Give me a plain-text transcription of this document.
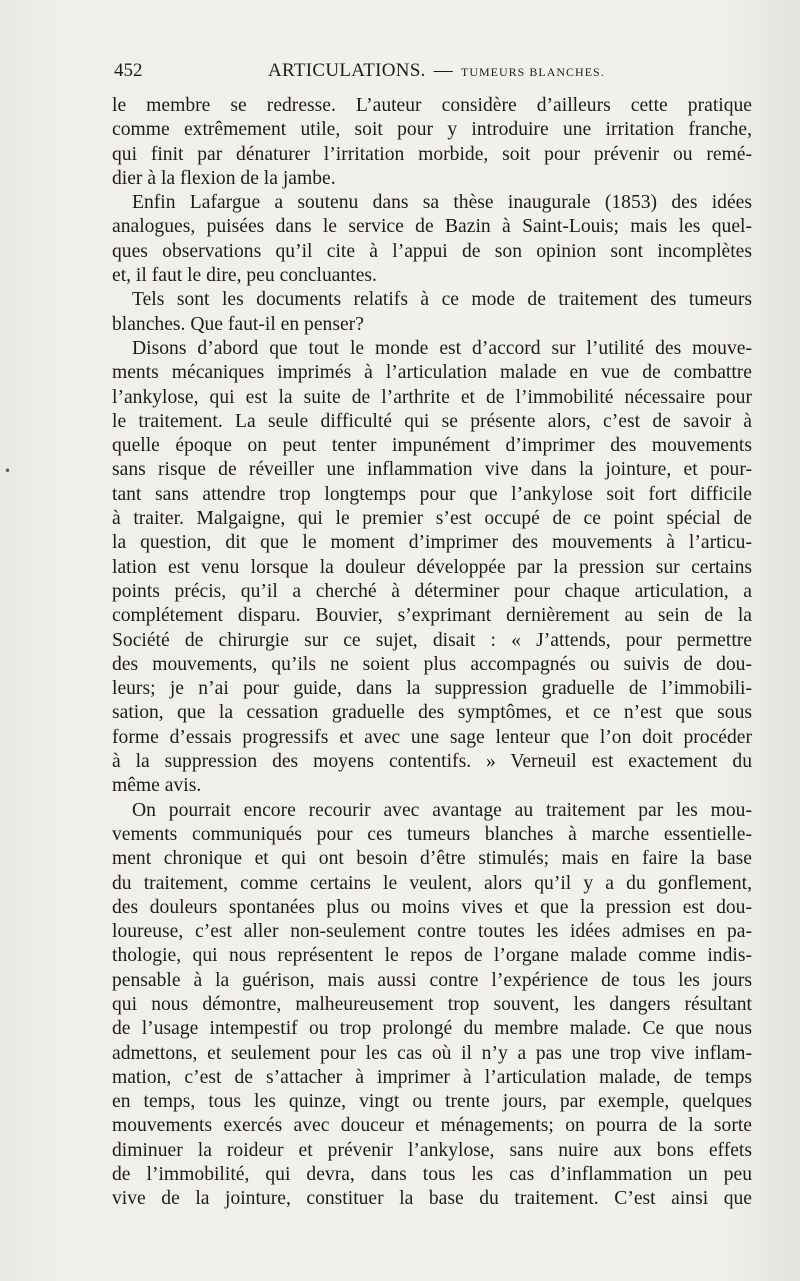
452	ARTICULATIONS. — TUMEURS BLANCHES.
•
le membre se redresse. L’auteur considère d’ailleurs cette pratique
comme extrêmement utile, soit pour y introduire une irritation franche,
qui finit par dénaturer l’irritation morbide, soit pour prévenir ou remé-
dier à la flexion de la jambe.
Enfin Lafargue a soutenu dans sa thèse inaugurale (1853) des idées
analogues, puisées dans le service de Bazin à Saint-Louis; mais les quel-
ques observations qu’il cite à l’appui de son opinion sont incomplètes
et, il faut le dire, peu concluantes.
Tels sont les documents relatifs à ce mode de traitement des tumeurs
blanches. Que faut-il en penser?
Disons d’abord que tout le monde est d’accord sur l’utilité des mouve-
ments mécaniques imprimés à l’articulation malade en vue de combattre
l’ankylose, qui est la suite de l’arthrite et de l’immobilité nécessaire pour
le traitement. La seule difficulté qui se présente alors, c’est de savoir à
quelle époque on peut tenter impunément d’imprimer des mouvements
sans risque de réveiller une inflammation vive dans la jointure, et pour-
tant sans attendre trop longtemps pour que l’ankylose soit fort difficile
à traiter. Malgaigne, qui le premier s’est occupé de ce point spécial de
la question, dit que le moment d’imprimer des mouvements à l’articu-
lation est venu lorsque la douleur développée par la pression sur certains
points précis, qu’il a cherché à déterminer pour chaque articulation, a
complétement disparu. Bouvier, s’exprimant dernièrement au sein de la
Société de chirurgie sur ce sujet, disait : « J’attends, pour permettre
des mouvements, qu’ils ne soient plus accompagnés ou suivis de dou-
leurs; je n’ai pour guide, dans la suppression graduelle de l’immobili-
sation, que la cessation graduelle des symptômes, et ce n’est que sous
forme d’essais progressifs et avec une sage lenteur que l’on doit procéder
à la suppression des moyens contentifs. » Verneuil est exactement du
même avis.
On pourrait encore recourir avec avantage au traitement par les mou-
vements communiqués pour ces tumeurs blanches à marche essentielle-
ment chronique et qui ont besoin d’être stimulés; mais en faire la base
du traitement, comme certains le veulent, alors qu’il y a du gonflement,
des douleurs spontanées plus ou moins vives et que la pression est dou-
loureuse, c’est aller non-seulement contre toutes les idées admises en pa-
thologie, qui nous représentent le repos de l’organe malade comme indis-
pensable à la guérison, mais aussi contre l’expérience de tous les jours
qui nous démontre, malheureusement trop souvent, les dangers résultant
de l’usage intempestif ou trop prolongé du membre malade. Ce que nous
admettons, et seulement pour les cas où il n’y a pas une trop vive inflam-
mation, c’est de s’attacher à imprimer à l’articulation malade, de temps
en temps, tous les quinze, vingt ou trente jours, par exemple, quelques
mouvements exercés avec douceur et ménagements; on pourra de la sorte
diminuer la roideur et prévenir l’ankylose, sans nuire aux bons effets
de l’immobilité, qui devra, dans tous les cas d’inflammation un peu
vive de la jointure, constituer la base du traitement. C’est ainsi que
